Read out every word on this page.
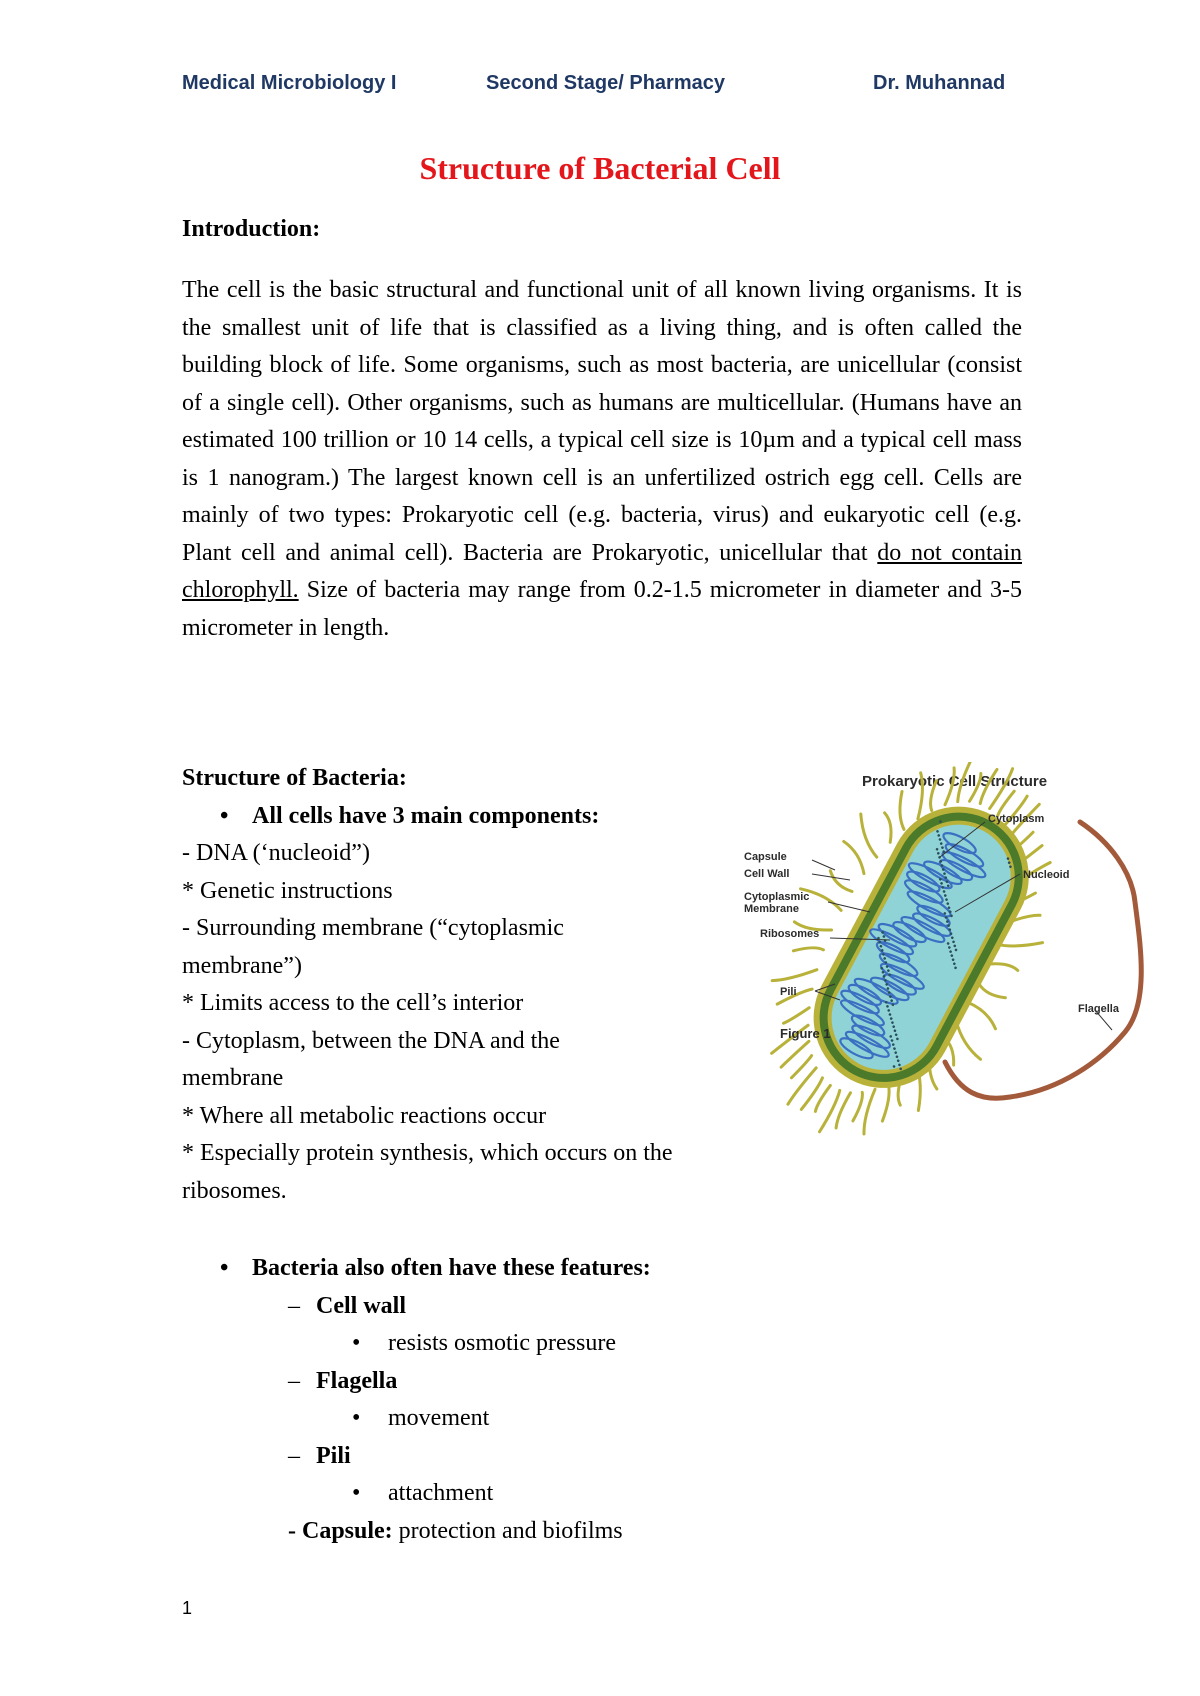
Medical Microbiology I	Second Stage/ Pharmacy	Dr. Muhannad
Structure of Bacterial Cell
Introduction:

The cell is the basic structural and functional unit of all known living organisms. It is the smallest unit of life that is classified as a living thing, and is often called the building block of life. Some organisms, such as most bacteria, are unicellular (consist of a single cell). Other organisms, such as humans are multicellular. (Humans have an estimated 100 trillion or 10 14 cells, a typical cell size is 10µm and a typical cell mass is 1 nanogram.) The largest known cell is an unfertilized ostrich egg cell. Cells are mainly of two types: Prokaryotic cell (e.g. bacteria, virus) and eukaryotic cell (e.g. Plant cell and animal cell). Bacteria are Prokaryotic, unicellular that do not contain chlorophyll. Size of bacteria may range from 0.2-1.5 micrometer in diameter and 3-5 micrometer in length.

Structure of Bacteria:
• All cells have 3 main components:
- DNA (‘nucleoid”)
* Genetic instructions
- Surrounding membrane (“cytoplasmic membrane”)
* Limits access to the cell’s interior
- Cytoplasm, between the DNA and the membrane
* Where all metabolic reactions occur
* Especially protein synthesis, which occurs on the ribosomes.
• Bacteria also often have these features:
– Cell wall
• resists osmotic pressure
– Flagella
• movement
– Pili
• attachment
- Capsule: protection and biofilms
Prokaryotic Cell Structure
Cytoplasm
Nucleoid
Capsule
Cell Wall
Cytoplasmic
Membrane
Ribosomes
Pili
Flagella
Figure 1
1
